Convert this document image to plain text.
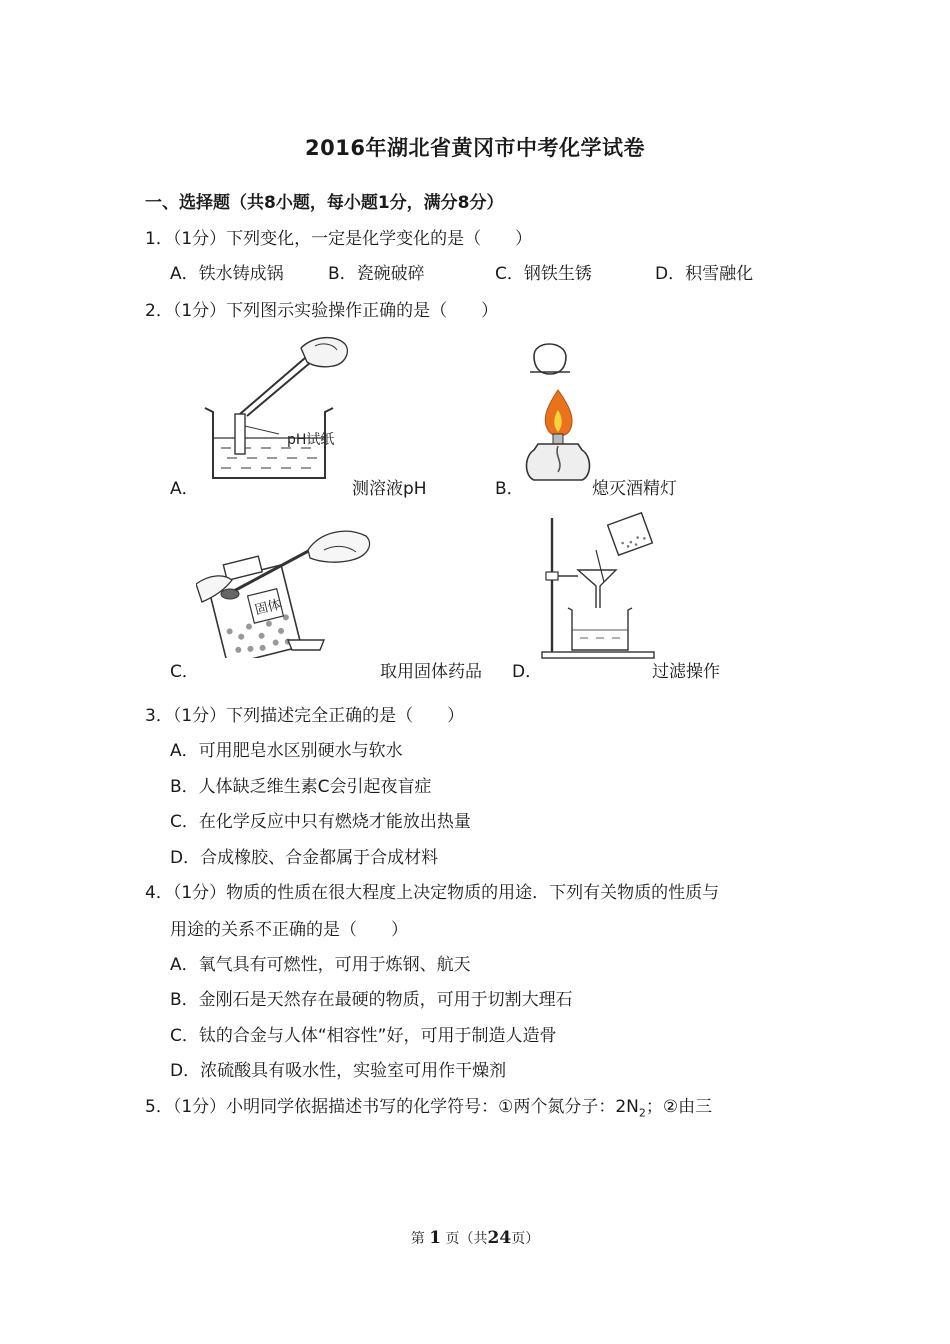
2016年湖北省黄冈市中考化学试卷
一、选择题（共8小题，每小题1分，满分8分）
1．（1分）下列变化，一定是化学变化的是（　　）
A．铁水铸成锅	B．瓷碗破碎	C．钢铁生锈	D．积雪融化
2．（1分）下列图示实验操作正确的是（　　）
pH试纸
A．	测溶液pH	B．	熄灭酒精灯
固体
C．	取用固体药品 D．	过滤操作
3．（1分）下列描述完全正确的是（　　）
A．可用肥皂水区别硬水与软水
B．人体缺乏维生素C会引起夜盲症
C．在化学反应中只有燃烧才能放出热量
D．合成橡胶、合金都属于合成材料
4．（1分）物质的性质在很大程度上决定物质的用途．下列有关物质的性质与
用途的关系不正确的是（　　）
A．氧气具有可燃性，可用于炼钢、航天
B．金刚石是天然存在最硬的物质，可用于切割大理石
C．钛的合金与人体“相容性”好，可用于制造人造骨
D．浓硫酸具有吸水性，实验室可用作干燥剂
5．（1分）小明同学依据描述书写的化学符号：①两个氮分子：$2N_2$；②由三
第 1 页（共24页）
